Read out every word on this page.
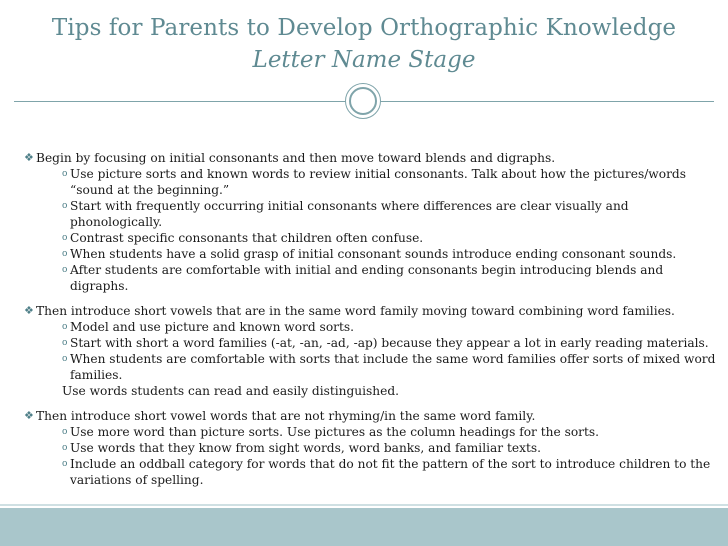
Tips for Parents to Develop Orthographic Knowledge
Letter Name Stage
❖ Begin by focusing on initial consonants and then move toward blends and digraphs.
o Use picture sorts and known words to review initial consonants. Talk about how the pictures/words “sound at the beginning.”
o Start with frequently occurring initial consonants where differences are clear visually and phonologically.
o Contrast specific consonants that children often confuse.
o When students have a solid grasp of initial consonant sounds introduce ending consonant sounds.
o After students are comfortable with initial and ending consonants begin introducing blends and digraphs.
❖ Then introduce short vowels that are in the same word family moving toward combining word families.
o Model and use picture and known word sorts.
o Start with short a word families (-at, -an, -ad, -ap) because they appear a lot in early reading materials.
o When students are comfortable with sorts that include the same word families offer sorts of mixed word families.
Use words students can read and easily distinguished.
❖ Then introduce short vowel words that are not rhyming/in the same word family.
o Use more word than picture sorts. Use pictures as the column headings for the sorts.
o Use words that they know from sight words, word banks, and familiar texts.
o Include an oddball category for words that do not fit the pattern of the sort to introduce children to the variations of spelling.
